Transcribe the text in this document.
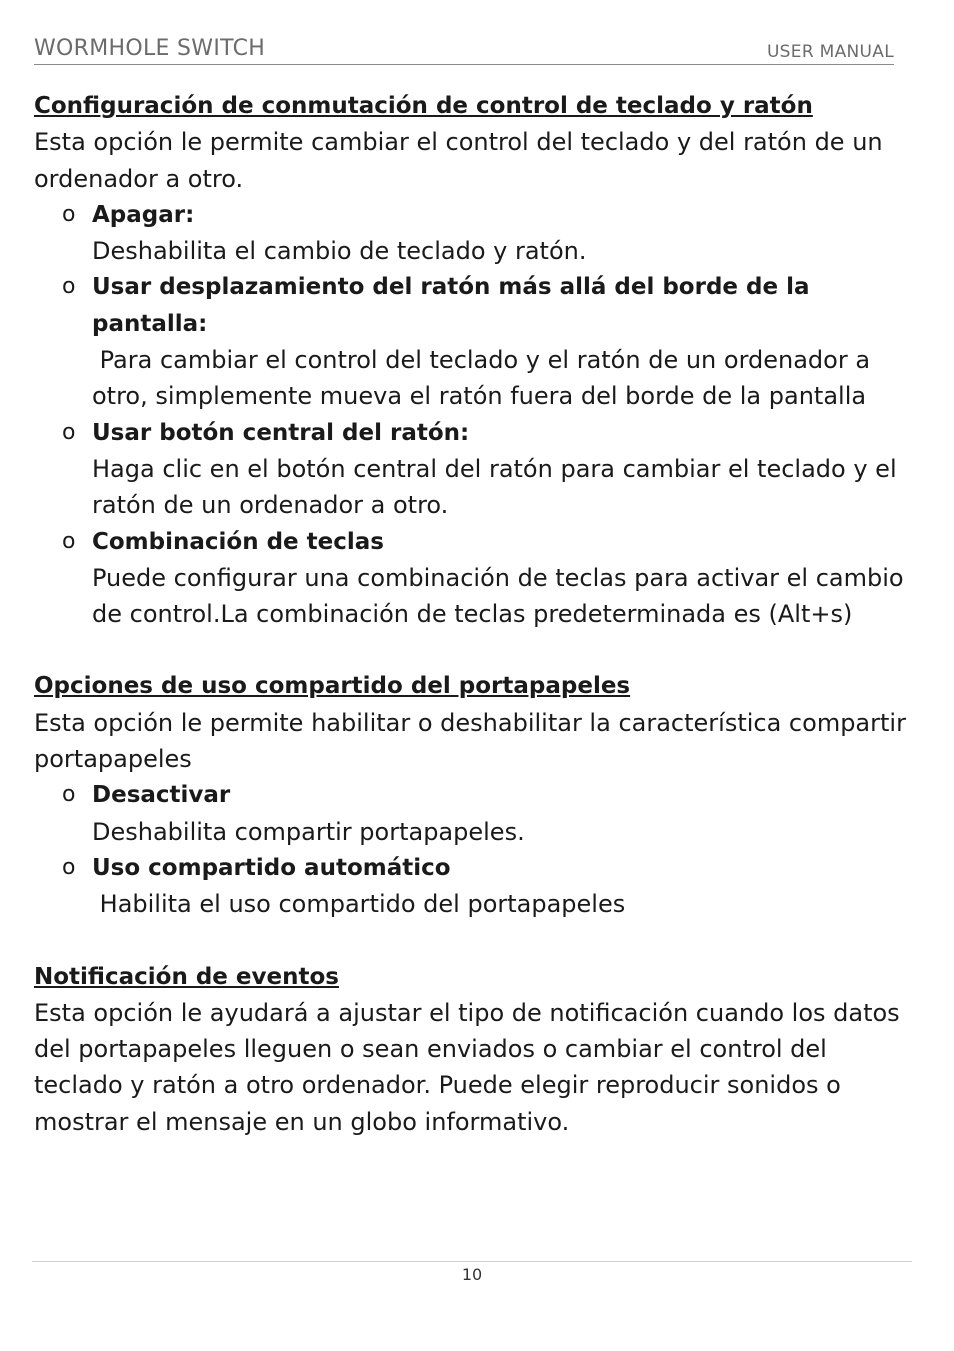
WORMHOLE SWITCH	USER MANUAL
Configuración de conmutación de control de teclado y ratón
Esta opción le permite cambiar el control del teclado y del ratón de un ordenador a otro.
o Apagar:
Deshabilita el cambio de teclado y ratón.
o Usar desplazamiento del ratón más allá del borde de la pantalla:
Para cambiar el control del teclado y el ratón de un ordenador a otro, simplemente mueva el ratón fuera del borde de la pantalla
o Usar botón central del ratón:
Haga clic en el botón central del ratón para cambiar el teclado y el ratón de un ordenador a otro.
o Combinación de teclas
Puede configurar una combinación de teclas para activar el cambio de control.La combinación de teclas predeterminada es (Alt+s)
Opciones de uso compartido del portapapeles
Esta opción le permite habilitar o deshabilitar la característica compartir portapapeles
o Desactivar
Deshabilita compartir portapapeles.
o Uso compartido automático
Habilita el uso compartido del portapapeles
Notificación de eventos
Esta opción le ayudará a ajustar el tipo de notificación cuando los datos del portapapeles lleguen o sean enviados o cambiar el control del teclado y ratón a otro ordenador. Puede elegir reproducir sonidos o mostrar el mensaje en un globo informativo.
10
